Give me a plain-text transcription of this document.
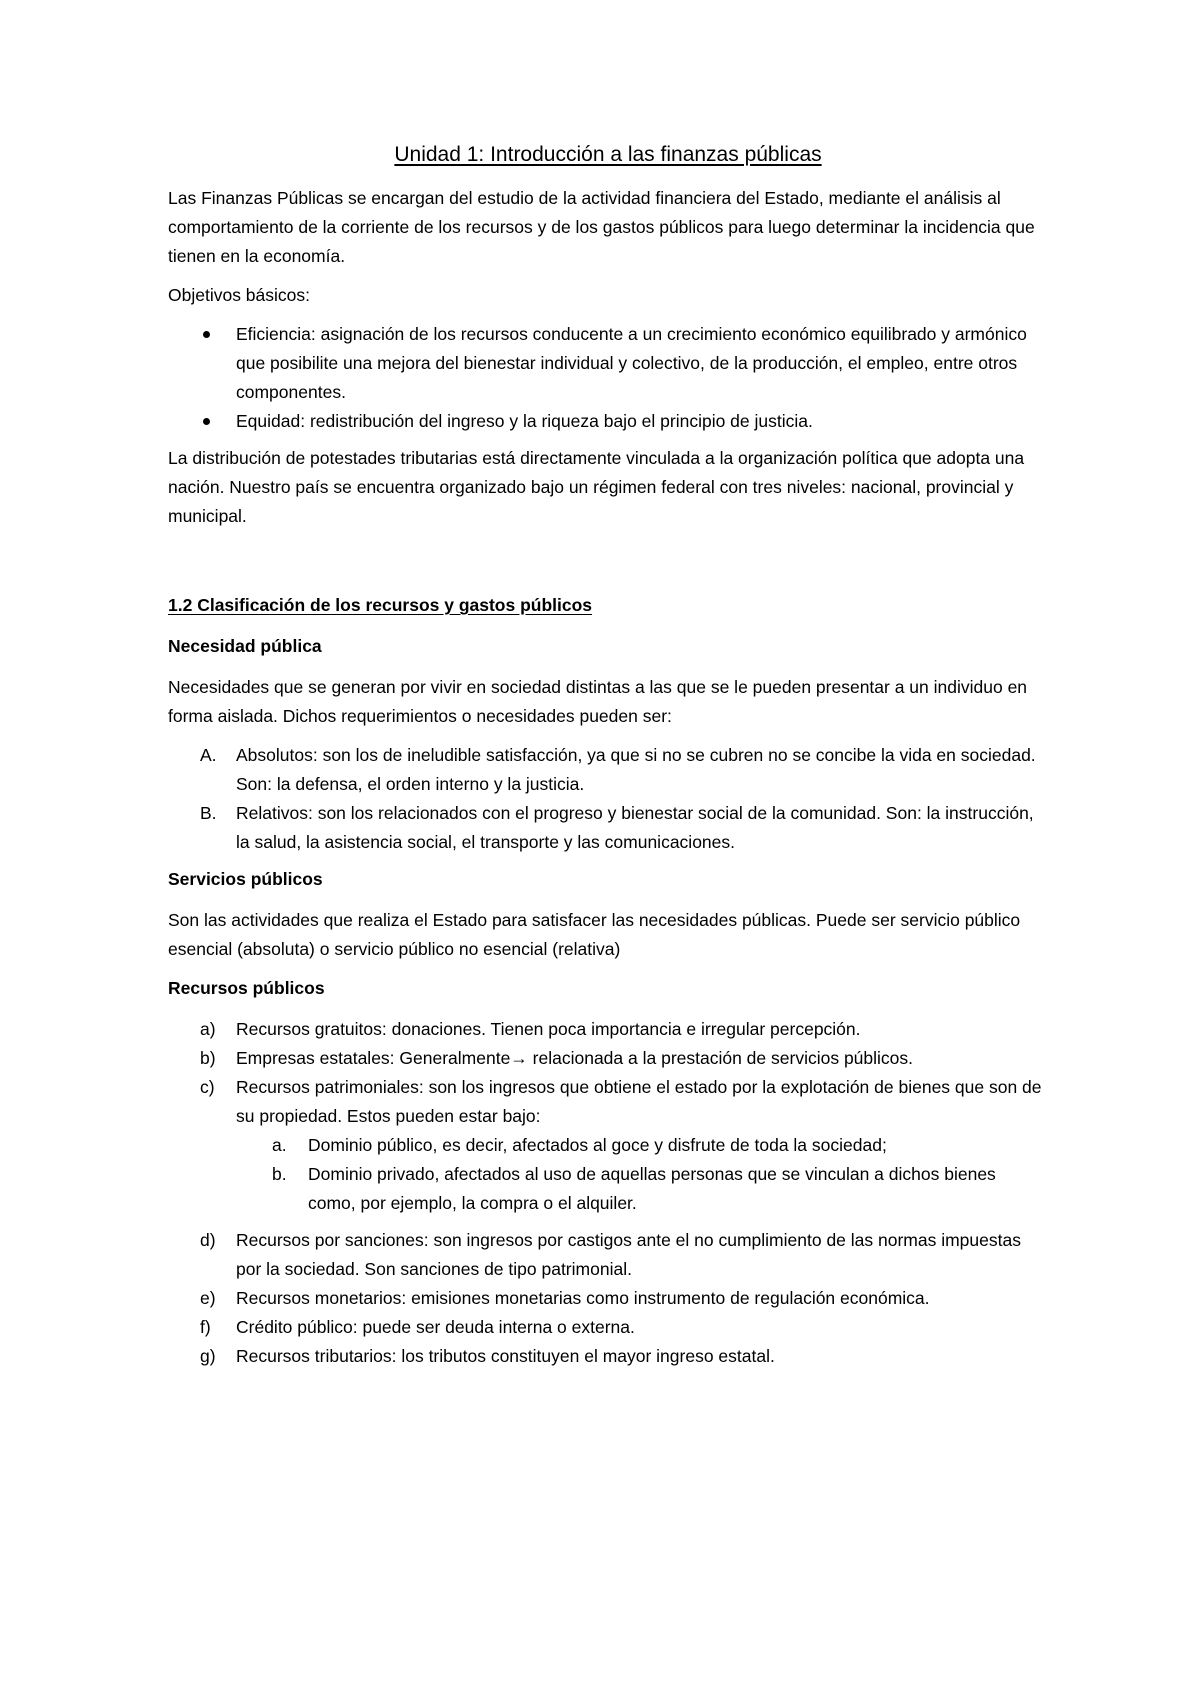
Unidad 1: Introducción a las finanzas públicas

Las Finanzas Públicas se encargan del estudio de la actividad financiera del Estado, mediante el análisis al comportamiento de la corriente de los recursos y de los gastos públicos para luego determinar la incidencia que tienen en la economía.

Objetivos básicos:

Eficiencia: asignación de los recursos conducente a un crecimiento económico equilibrado y armónico que posibilite una mejora del bienestar individual y colectivo, de la producción, el empleo, entre otros componentes.
Equidad: redistribución del ingreso y la riqueza bajo el principio de justicia.

La distribución de potestades tributarias está directamente vinculada a la organización política que adopta una nación. Nuestro país se encuentra organizado bajo un régimen federal con tres niveles: nacional, provincial y municipal.

1.2 Clasificación de los recursos y gastos públicos
Necesidad pública

Necesidades que se generan por vivir en sociedad distintas a las que se le pueden presentar a un individuo en forma aislada. Dichos requerimientos o necesidades pueden ser:

A. Absolutos: son los de ineludible satisfacción, ya que si no se cubren no se concibe la vida en sociedad. Son: la defensa, el orden interno y la justicia.
B. Relativos: son los relacionados con el progreso y bienestar social de la comunidad. Son: la instrucción, la salud, la asistencia social, el transporte y las comunicaciones.
Servicios públicos

Son las actividades que realiza el Estado para satisfacer las necesidades públicas. Puede ser servicio público esencial (absoluta) o servicio público no esencial (relativa)

Recursos públicos
a) Recursos gratuitos: donaciones. Tienen poca importancia e irregular percepción.
b) Empresas estatales: Generalmente→ relacionada a la prestación de servicios públicos.
c) Recursos patrimoniales: son los ingresos que obtiene el estado por la explotación de bienes que son de su propiedad. Estos pueden estar bajo:
a. Dominio público, es decir, afectados al goce y disfrute de toda la sociedad;
b. Dominio privado, afectados al uso de aquellas personas que se vinculan a dichos bienes como, por ejemplo, la compra o el alquiler.
d) Recursos por sanciones: son ingresos por castigos ante el no cumplimiento de las normas impuestas por la sociedad. Son sanciones de tipo patrimonial.
e) Recursos monetarios: emisiones monetarias como instrumento de regulación económica.
f) Crédito público: puede ser deuda interna o externa.
g) Recursos tributarios: los tributos constituyen el mayor ingreso estatal.
